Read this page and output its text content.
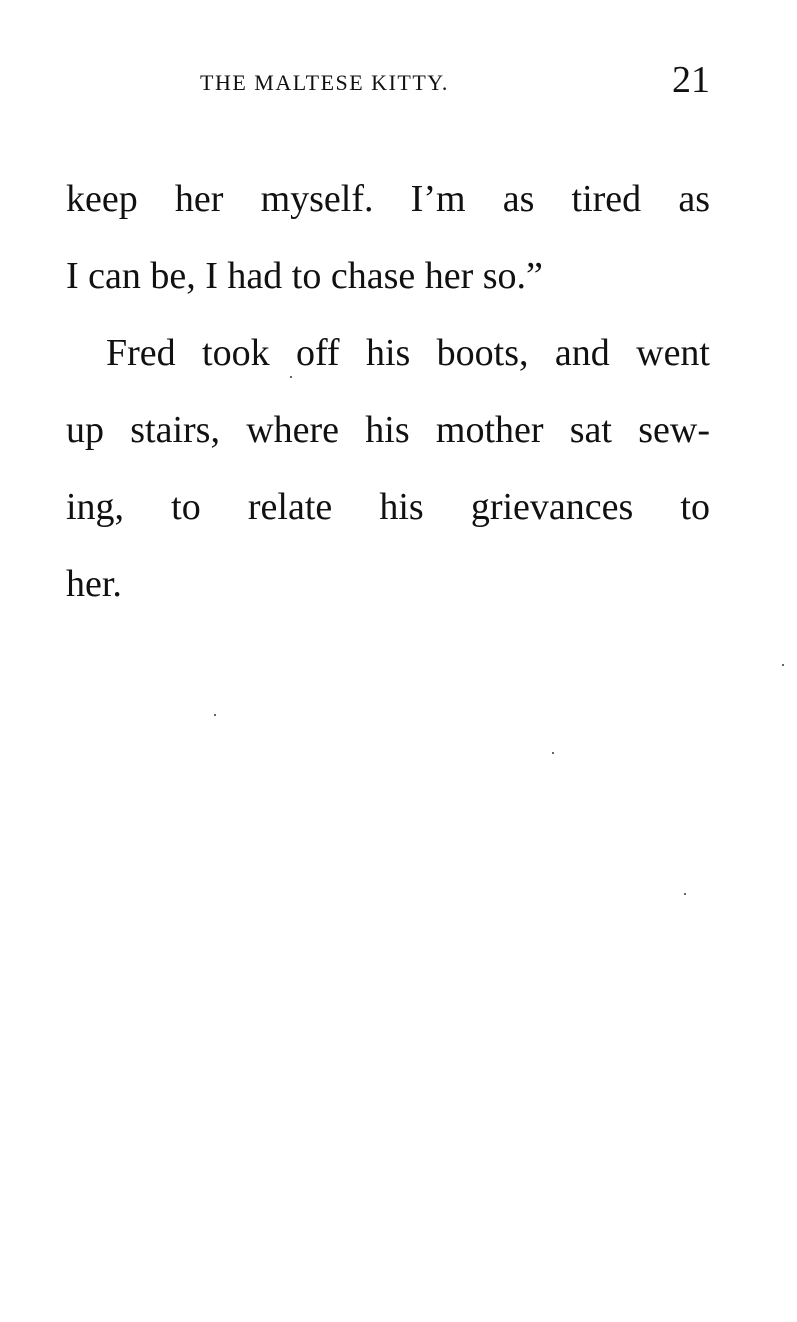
THE MALTESE KITTY.	21
keep her myself. I’m as tired as
I can be, I had to chase her so.”
Fred took off his boots, and went
up stairs, where his mother sat sew-
ing, to relate his grievances to
her.
